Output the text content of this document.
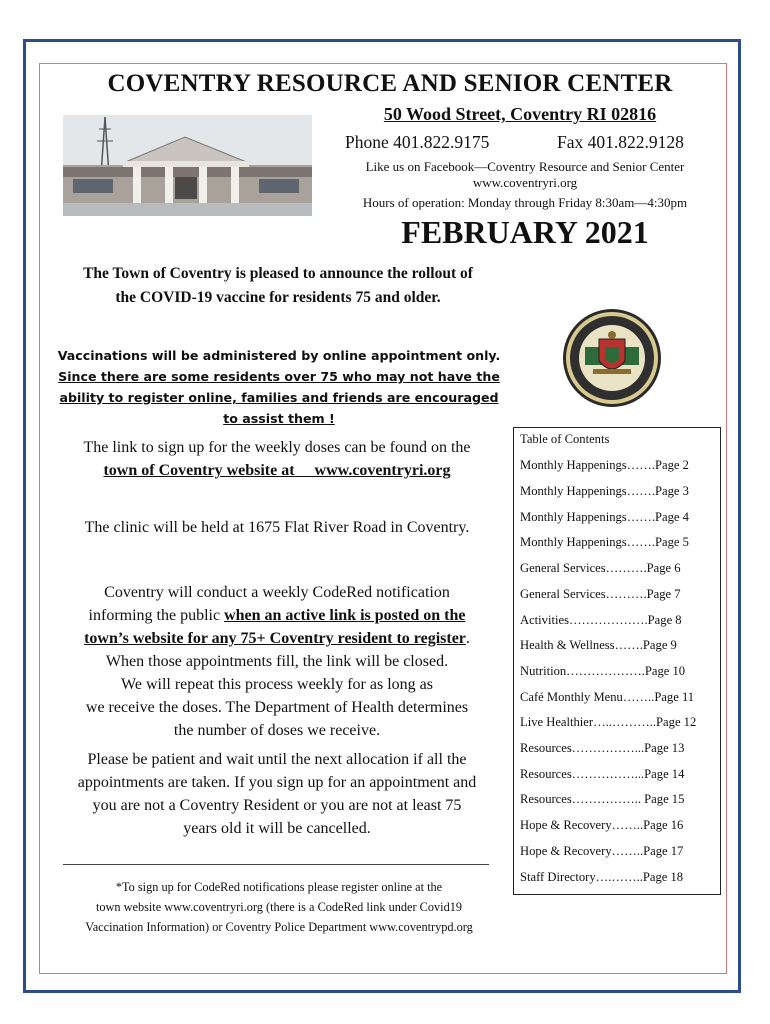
COVENTRY RESOURCE AND SENIOR CENTER
50 Wood Street, Coventry RI 02816
Phone 401.822.9175	Fax 401.822.9128
Like us on Facebook—Coventry Resource and Senior Center
www.coventryri.org
Hours of operation: Monday through Friday 8:30am—4:30pm
FEBRUARY 2021
The Town of Coventry is pleased to announce the rollout of
the COVID-19 vaccine for residents 75 and older.
Vaccinations will be administered by online appointment only.
Since there are some residents over 75 who may not have the
ability to register online, families and friends are encouraged
to assist them !
The link to sign up for the weekly doses can be found on the
town of Coventry website at www.coventryri.org
The clinic will be held at 1675 Flat River Road in Coventry.
Coventry will conduct a weekly CodeRed notification
informing the public when an active link is posted on the
town’s website for any 75+ Coventry resident to register.
When those appointments fill, the link will be closed.
We will repeat this process weekly for as long as
we receive the doses. The Department of Health determines
the number of doses we receive.
Please be patient and wait until the next allocation if all the
appointments are taken. If you sign up for an appointment and
you are not a Coventry Resident or you are not at least 75
years old it will be cancelled.
*To sign up for CodeRed notifications please register online at the
town website www.coventryri.org (there is a CodeRed link under Covid19
Vaccination Information) or Coventry Police Department www.coventrypd.org
Table of Contents
Monthly Happenings…….Page 2
Monthly Happenings…….Page 3
Monthly Happenings…….Page 4
Monthly Happenings…….Page 5
General Services……….Page 6
General Services……….Page 7
Activities……………….Page 8
Health & Wellness…….Page 9
Nutrition……………….Page 10
Café Monthly Menu……..Page 11
Live Healthier…..………..Page 12
Resources……………...Page 13
Resources……………...Page 14
Resources…………….. Page 15
Hope & Recovery……..Page 16
Hope & Recovery……..Page 17
Staff Directory….……..Page 18
